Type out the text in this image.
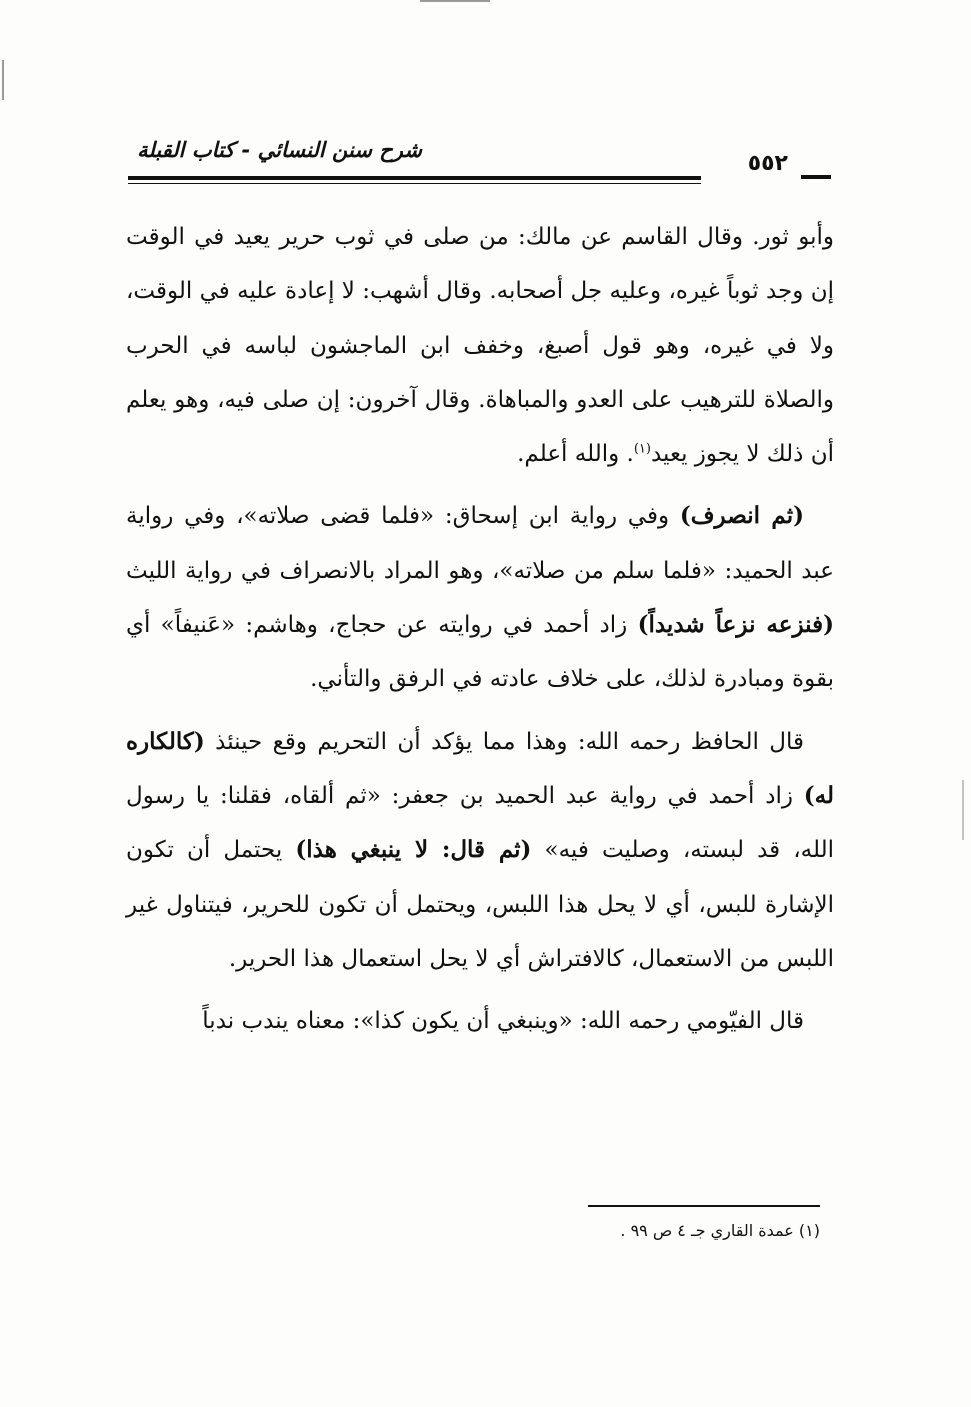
شرح سنن النسائي - كتاب القبلة
٥٥٢

وأبو ثور. وقال القاسم عن مالك: من صلى في ثوب حرير يعيد في الوقت إن وجد ثوباً غيره، وعليه جل أصحابه. وقال أشهب: لا إعادة عليه في الوقت، ولا في غيره، وهو قول أصبغ، وخفف ابن الماجشون لباسه في الحرب والصلاة للترهيب على العدو والمباهاة. وقال آخرون: إن صلى فيه، وهو يعلم أن ذلك لا يجوز يعيد$^{(١)}$. والله أعلم.

(ثم انصرف) وفي رواية ابن إسحاق: «فلما قضى صلاته»، وفي رواية عبد الحميد: «فلما سلم من صلاته»، وهو المراد بالانصراف في رواية الليث (فنزعه نزعاً شديداً) زاد أحمد في روايته عن حجاج، وهاشم: «عَنيفاً» أي بقوة ومبادرة لذلك، على خلاف عادته في الرفق والتأني.

قال الحافظ رحمه الله: وهذا مما يؤكد أن التحريم وقع حينئذ (كالكاره له) زاد أحمد في رواية عبد الحميد بن جعفر: «ثم ألقاه، فقلنا: يا رسول الله، قد لبسته، وصليت فيه» (ثم قال: لا ينبغي هذا) يحتمل أن تكون الإشارة للبس، أي لا يحل هذا اللبس، ويحتمل أن تكون للحرير، فيتناول غير اللبس من الاستعمال، كالافتراش أي لا يحل استعمال هذا الحرير.

قال الفيّومي رحمه الله: «وينبغي أن يكون كذا»: معناه يندب ندباً

(١) عمدة القاري جـ ٤ ص ٩٩ .
